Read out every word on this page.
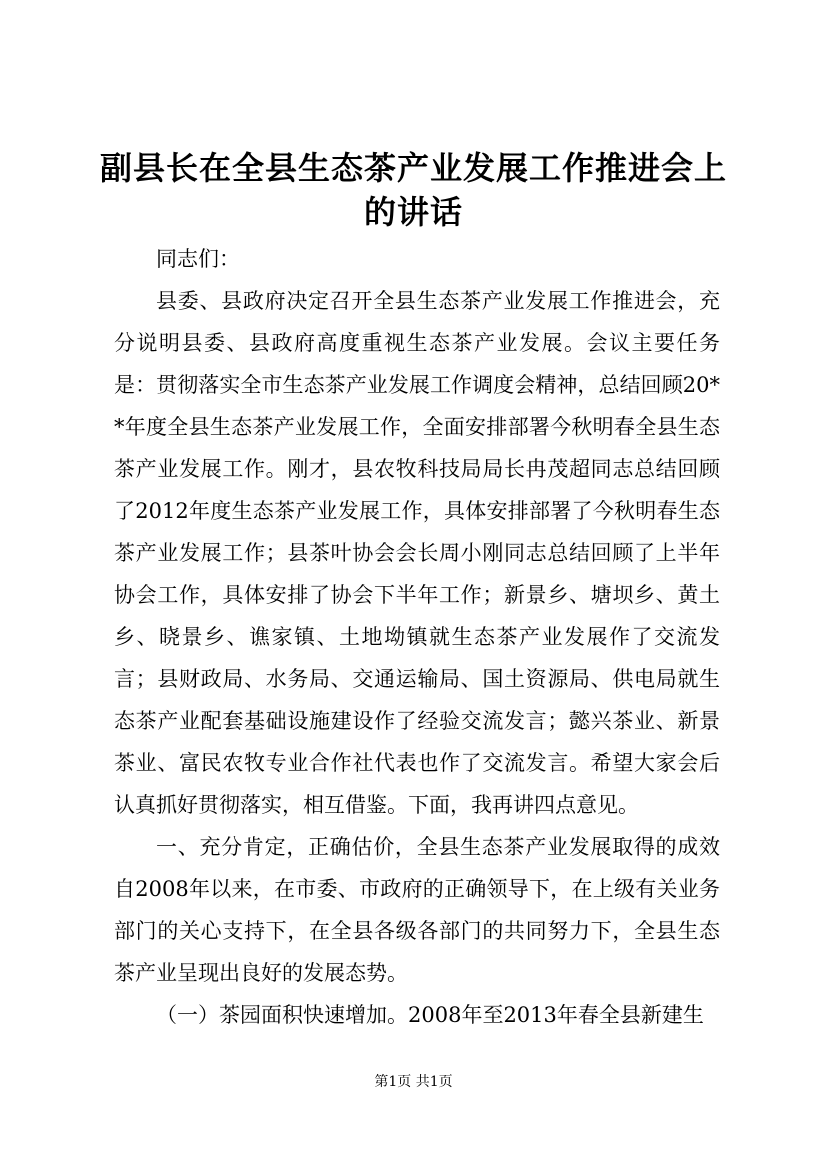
副县长在全县生态茶产业发展工作推进会上的讲话

同志们：

县委、县政府决定召开全县生态茶产业发展工作推进会，充分说明县委、县政府高度重视生态茶产业发展。会议主要任务是：贯彻落实全市生态茶产业发展工作调度会精神，总结回顾20**年度全县生态茶产业发展工作，全面安排部署今秋明春全县生态茶产业发展工作。刚才，县农牧科技局局长冉茂超同志总结回顾了2012年度生态茶产业发展工作，具体安排部署了今秋明春生态茶产业发展工作；县茶叶协会会长周小刚同志总结回顾了上半年协会工作，具体安排了协会下半年工作；新景乡、塘坝乡、黄土乡、晓景乡、谯家镇、土地坳镇就生态茶产业发展作了交流发言；县财政局、水务局、交通运输局、国土资源局、供电局就生态茶产业配套基础设施建设作了经验交流发言；懿兴茶业、新景茶业、富民农牧专业合作社代表也作了交流发言。希望大家会后认真抓好贯彻落实，相互借鉴。下面，我再讲四点意见。

一、充分肯定，正确估价，全县生态茶产业发展取得的成效自2008年以来，在市委、市政府的正确领导下，在上级有关业务部门的关心支持下，在全县各级各部门的共同努力下，全县生态茶产业呈现出良好的发展态势。

（一）茶园面积快速增加。2008年至2013年春全县新建生

第1页 共1页
